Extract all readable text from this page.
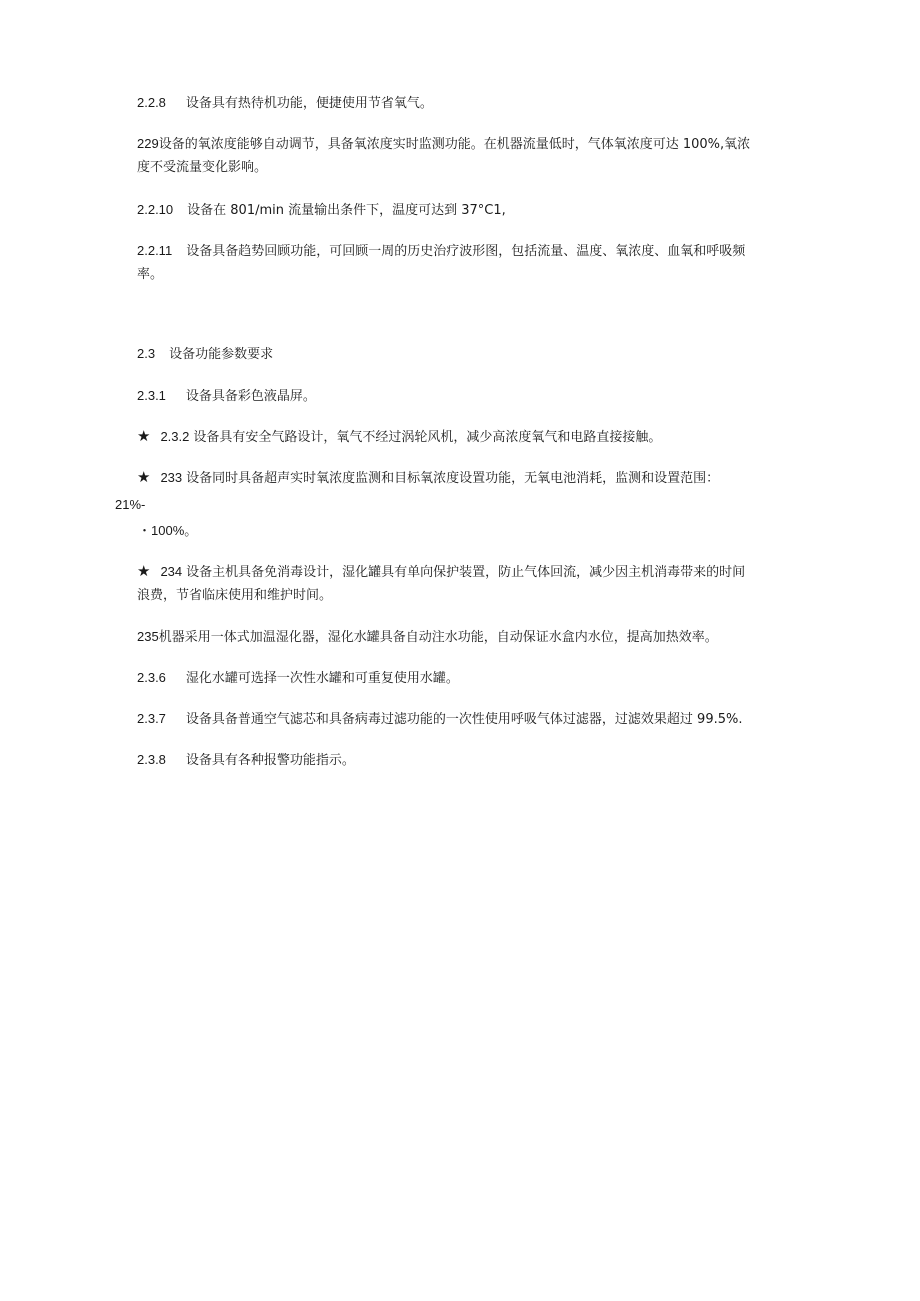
2.2.8 设备具有热待机功能，便捷使用节省氧气。
229设备的氧浓度能够自动调节，具备氧浓度实时监测功能。在机器流量低时，气体氧浓度可达 100%,氧浓
度不受流量变化影响。
2.2.10 设备在 801∕min 流量输出条件下，温度可达到 37°C1,
2.2.11 设备具备趋势回顾功能，可回顾一周的历史治疗波形图，包括流量、温度、氧浓度、血氧和呼吸频
率。
2.3 设备功能参数要求
2.3.1 设备具备彩色液晶屏。
★ 2.3.2 设备具有安全气路设计，氧气不经过涡轮风机，减少高浓度氧气和电路直接接触。
★ 233 设备同时具备超声实时氧浓度监测和目标氧浓度设置功能，无氧电池消耗，监测和设置范围：
21%-
・100%。
★ 234 设备主机具备免消毒设计，湿化罐具有单向保护装置，防止气体回流，减少因主机消毒带来的时间
浪费，节省临床使用和维护时间。
235机器采用一体式加温湿化器，湿化水罐具备自动注水功能，自动保证水盒内水位，提高加热效率。
2.3.6 湿化水罐可选择一次性水罐和可重复使用水罐。
2.3.7 设备具备普通空气滤芯和具备病毒过滤功能的一次性使用呼吸气体过滤器，过滤效果超过 99.5%.
2.3.8 设备具有各种报警功能指示。
